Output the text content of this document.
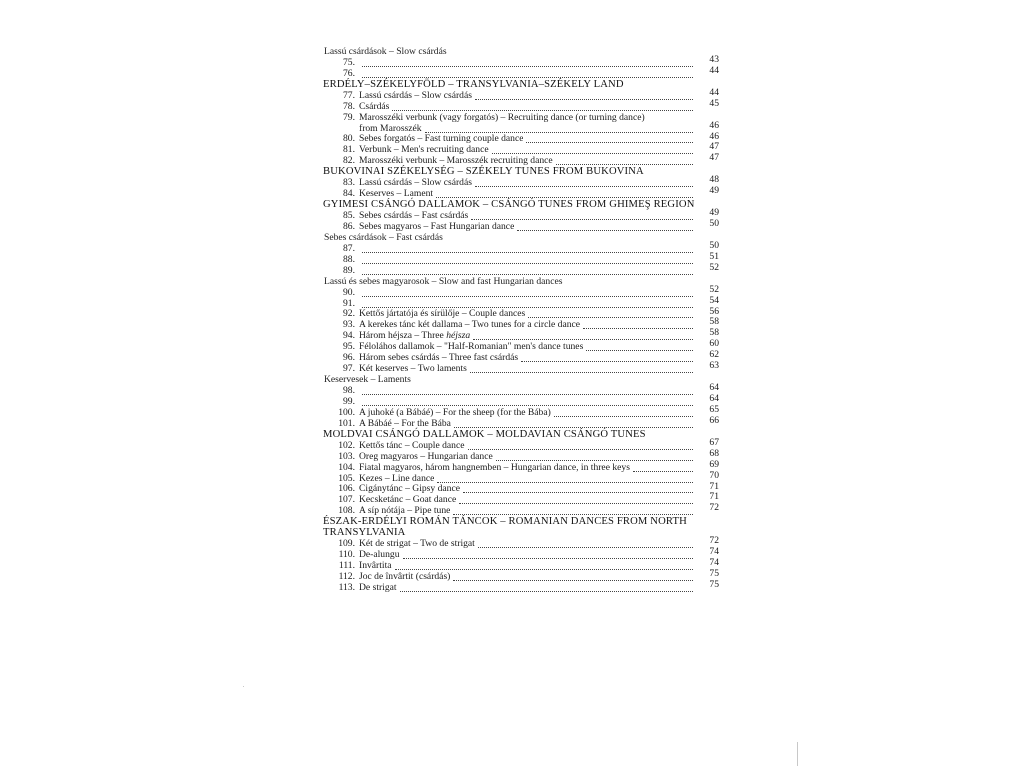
Lassú csárdások – Slow csárdás
75.	43
76.	44
ERDÉLY–SZÉKELYFÖLD – TRANSYLVANIA–SZÉKELY LAND
77. Lassú csárdás – Slow csárdás	44
78. Csárdás	45
79. Marosszéki verbunk (vagy forgatós) – Recruiting dance (or turning dance)
from Marosszék	46
80. Sebes forgatós – Fast turning couple dance	46
81. Verbunk – Men's recruiting dance	47
82. Marosszéki verbunk – Marosszék recruiting dance	47
BUKOVINAI SZÉKELYSÉG – SZÉKELY TUNES FROM BUKOVINA
83. Lassú csárdás – Slow csárdás	48
84. Keserves – Lament	49
GYIMESI CSÁNGÓ DALLAMOK – CSÁNGÓ TUNES FROM GHIMEŞ REGION
85. Sebes csárdás – Fast csárdás	49
86. Sebes magyaros – Fast Hungarian dance	50
Sebes csárdások – Fast csárdás
87.	50
88.	51
89.	52
Lassú és sebes magyarosok – Slow and fast Hungarian dances
90.	52
91.	54
92. Kettős jártatója és sírülője – Couple dances	56
93. A kerekes tánc két dallama – Two tunes for a circle dance	58
94. Három héjsza – Three héjsza	58
95. Féloláhos dallamok – "Half-Romanian" men's dance tunes	60
96. Három sebes csárdás – Three fast csárdás	62
97. Két keserves – Two laments	63
Keservesek – Laments
98.	64
99.	64
100. A juhoké (a Bábáé) – For the sheep (for the Bába)	65
101. A Bábáé – For the Bába	66
MOLDVAI CSÁNGÓ DALLAMOK – MOLDAVIAN CSÁNGÓ TUNES
102. Kettős tánc – Couple dance	67
103. Öreg magyaros – Hungarian dance	68
104. Fiatal magyaros, három hangnemben – Hungarian dance, in three keys	69
105. Kezes – Line dance	70
106. Cigánytánc – Gipsy dance	71
107. Kecsketánc – Goat dance	71
108. A síp nótája – Pipe tune	72
ÉSZAK-ERDÉLYI ROMÁN TÁNCOK – ROMANIAN DANCES FROM NORTH
TRANSYLVANIA
109. Két de strigat – Two de strigat	72
110. De-alungu	74
111. Învârtita	74
112. Joc de învârtit (csárdás)	75
113. De strigat	75
